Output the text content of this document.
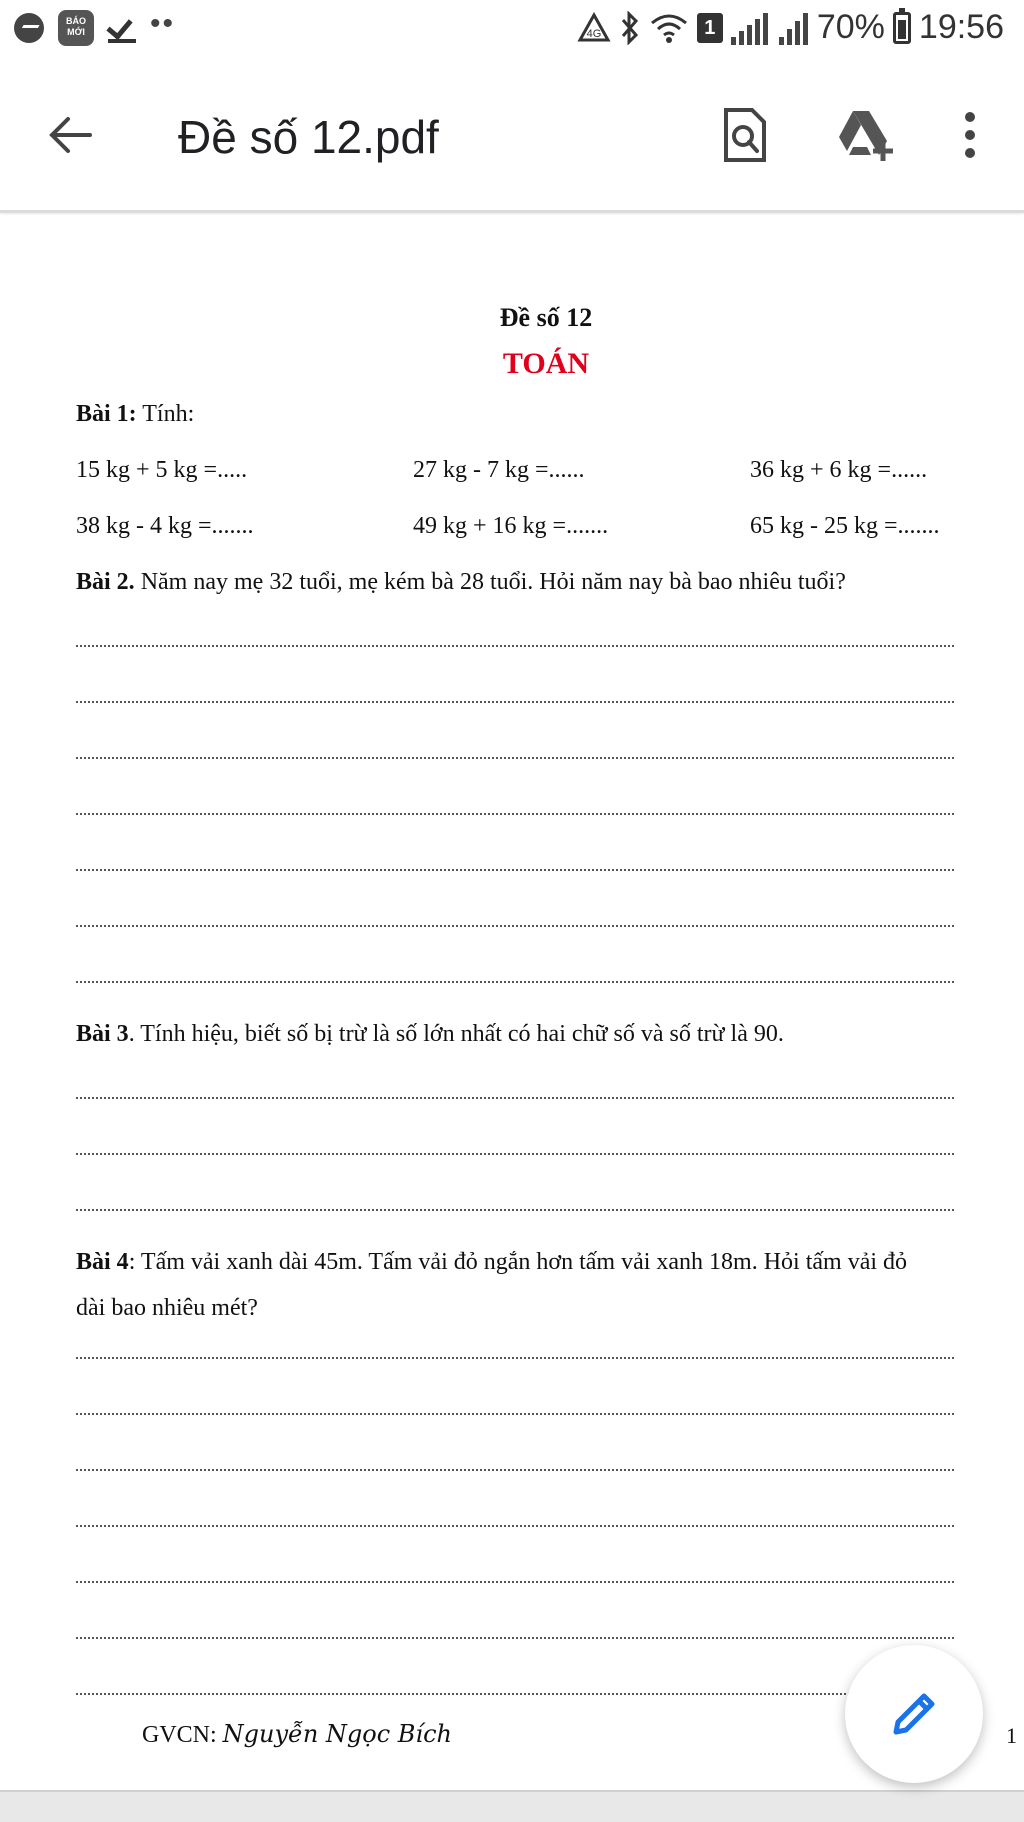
BÁO MỚI	••	4G	1	70% 19:56
Đề số 12.pdf
Đề số 12
TOÁN
Bài 1: Tính:
15 kg + 5 kg =.....	27 kg - 7 kg =......	36 kg + 6 kg =......
38 kg - 4 kg =.......	49 kg + 16 kg =.......	65 kg - 25 kg =.......
Bài 2. Năm nay mẹ 32 tuổi, mẹ kém bà 28 tuổi. Hỏi năm nay bà bao nhiêu tuổi?
Bài 3. Tính hiệu, biết số bị trừ là số lớn nhất có hai chữ số và số trừ là 90.
Bài 4: Tấm vải xanh dài 45m. Tấm vải đỏ ngắn hơn tấm vải xanh 18m. Hỏi tấm vải đỏ
dài bao nhiêu mét?
GVCN: Nguyễn Ngọc Bích	1
